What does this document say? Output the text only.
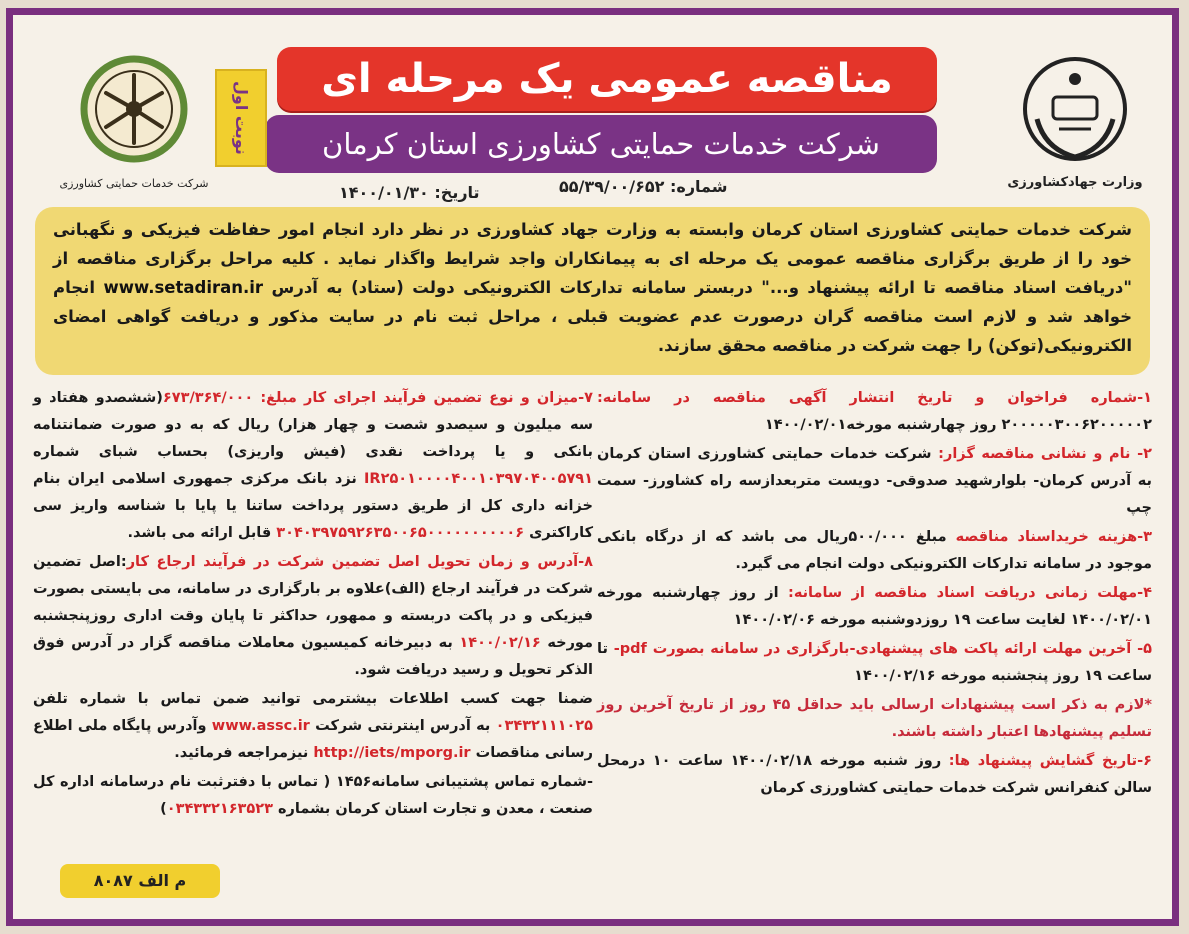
وزارت جهادکشاورزی
شرکت خدمات حمایتی کشاورزی
مناقصه عمومی یک مرحله ای
شرکت خدمات حمایتی کشاورزی استان کرمان
نوبت اول
شماره: ۵۵/۳۹/۰۰/۶۵۲
تاریخ: ۱۴۰۰/۰۱/۳۰
شرکت خدمات حمایتی کشاورزی استان کرمان وابسته به وزارت جهاد کشاورزی در نظر دارد انجام امور حفاظت فیزیکی و نگهبانی خود را از طریق برگزاری مناقصه عمومی یک مرحله ای به پیمانکاران واجد شرایط واگذار نماید . کلیه مراحل برگزاری مناقصه از "دریافت اسناد مناقصه تا ارائه پیشنهاد و..." دربستر سامانه تدارکات الکترونیکی دولت (ستاد) به آدرس www.setadiran.ir انجام خواهد شد و لازم است مناقصه گران درصورت عدم عضویت قبلی ، مراحل ثبت نام در سایت مذکور و دریافت گواهی امضای الکترونیکی(توکن) را جهت شرکت در مناقصه محقق سازند.

۱-شماره فراخوان و تاریخ انتشار آگهی مناقصه در سامانه: ۲۰۰۰۰۰۳۰۰۶۲۰۰۰۰۰۲ روز چهارشنبه مورخه۱۴۰۰/۰۲/۰۱

۲- نام و نشانی مناقصه گزار: شرکت خدمات حمایتی کشاورزی استان کرمان به آدرس کرمان- بلوارشهید صدوقی- دویست متربعدازسه راه کشاورز- سمت چپ

۳-هزینه خریداسناد مناقصه مبلغ ۵۰۰/۰۰۰ریال می باشد که از درگاه بانکی موجود در سامانه تدارکات الکترونیکی دولت انجام می گیرد.

۴-مهلت زمانی دریافت اسناد مناقصه از سامانه: از روز چهارشنبه مورخه ۱۴۰۰/۰۲/۰۱ لغایت ساعت ۱۹ روزدوشنبه مورخه ۱۴۰۰/۰۲/۰۶

۵- آخرین مهلت ارائه پاکت های پیشنهادی-بارگزاری در سامانه بصورت pdf- تا ساعت ۱۹ روز پنجشنبه مورخه ۱۴۰۰/۰۲/۱۶

*لازم به ذکر است پیشنهادات ارسالی باید حداقل ۴۵ روز از تاریخ آخرین روز تسلیم پیشنهادها اعتبار داشته باشند.

۶-تاریخ گشایش پیشنهاد ها: روز شنبه مورخه ۱۴۰۰/۰۲/۱۸ ساعت ۱۰ درمحل سالن کنفرانس شرکت خدمات حمایتی کشاورزی کرمان

۷-میزان و نوع تضمین فرآیند اجرای کار مبلغ: ۶۷۳/۳۶۴/۰۰۰(ششصدو هفتاد و سه میلیون و سیصدو شصت و چهار هزار) ریال که به دو صورت ضمانتنامه بانکی و یا پرداخت نقدی (فیش واریزی) بحساب شبای شماره IR۲۵۰۱۰۰۰۰۴۰۰۱۰۳۹۷۰۴۰۰۵۷۹۱ نزد بانک مرکزی جمهوری اسلامی ایران بنام خزانه داری کل از طریق دستور پرداخت ساتنا یا پایا با شناسه واریز سی کاراکتری ۳۰۴۰۳۹۷۵۹۲۶۳۵۰۰۶۵۰۰۰۰۰۰۰۰۰۰۶ قابل ارائه می باشد.

۸-آدرس و زمان تحویل اصل تضمین شرکت در فرآیند ارجاع کار:اصل تضمین شرکت در فرآیند ارجاع (الف)علاوه بر بارگزاری در سامانه، می بایستی بصورت فیزیکی و در پاکت دربسته و ممهور، حداکثر تا پایان وقت اداری روزپنجشنبه مورخه ۱۴۰۰/۰۲/۱۶ به دبیرخانه کمیسیون معاملات مناقصه گزار در آدرس فوق الذکر تحویل و رسید دریافت شود.

ضمنا جهت کسب اطلاعات بیشترمی توانید ضمن تماس با شماره تلفن ۰۳۴۳۲۱۱۱۰۲۵ به آدرس اینترنتی شرکت www.assc.ir وآدرس پایگاه ملی اطلاع رسانی مناقصات http://iets/mporg.ir نیزمراجعه فرمائید.

-شماره تماس پشتیبانی سامانه۱۴۵۶ ( تماس با دفترثبت نام درسامانه اداره کل صنعت ، معدن و تجارت استان کرمان بشماره ۰۳۴۳۳۲۱۶۳۵۲۳)

م الف ۸۰۸۷
